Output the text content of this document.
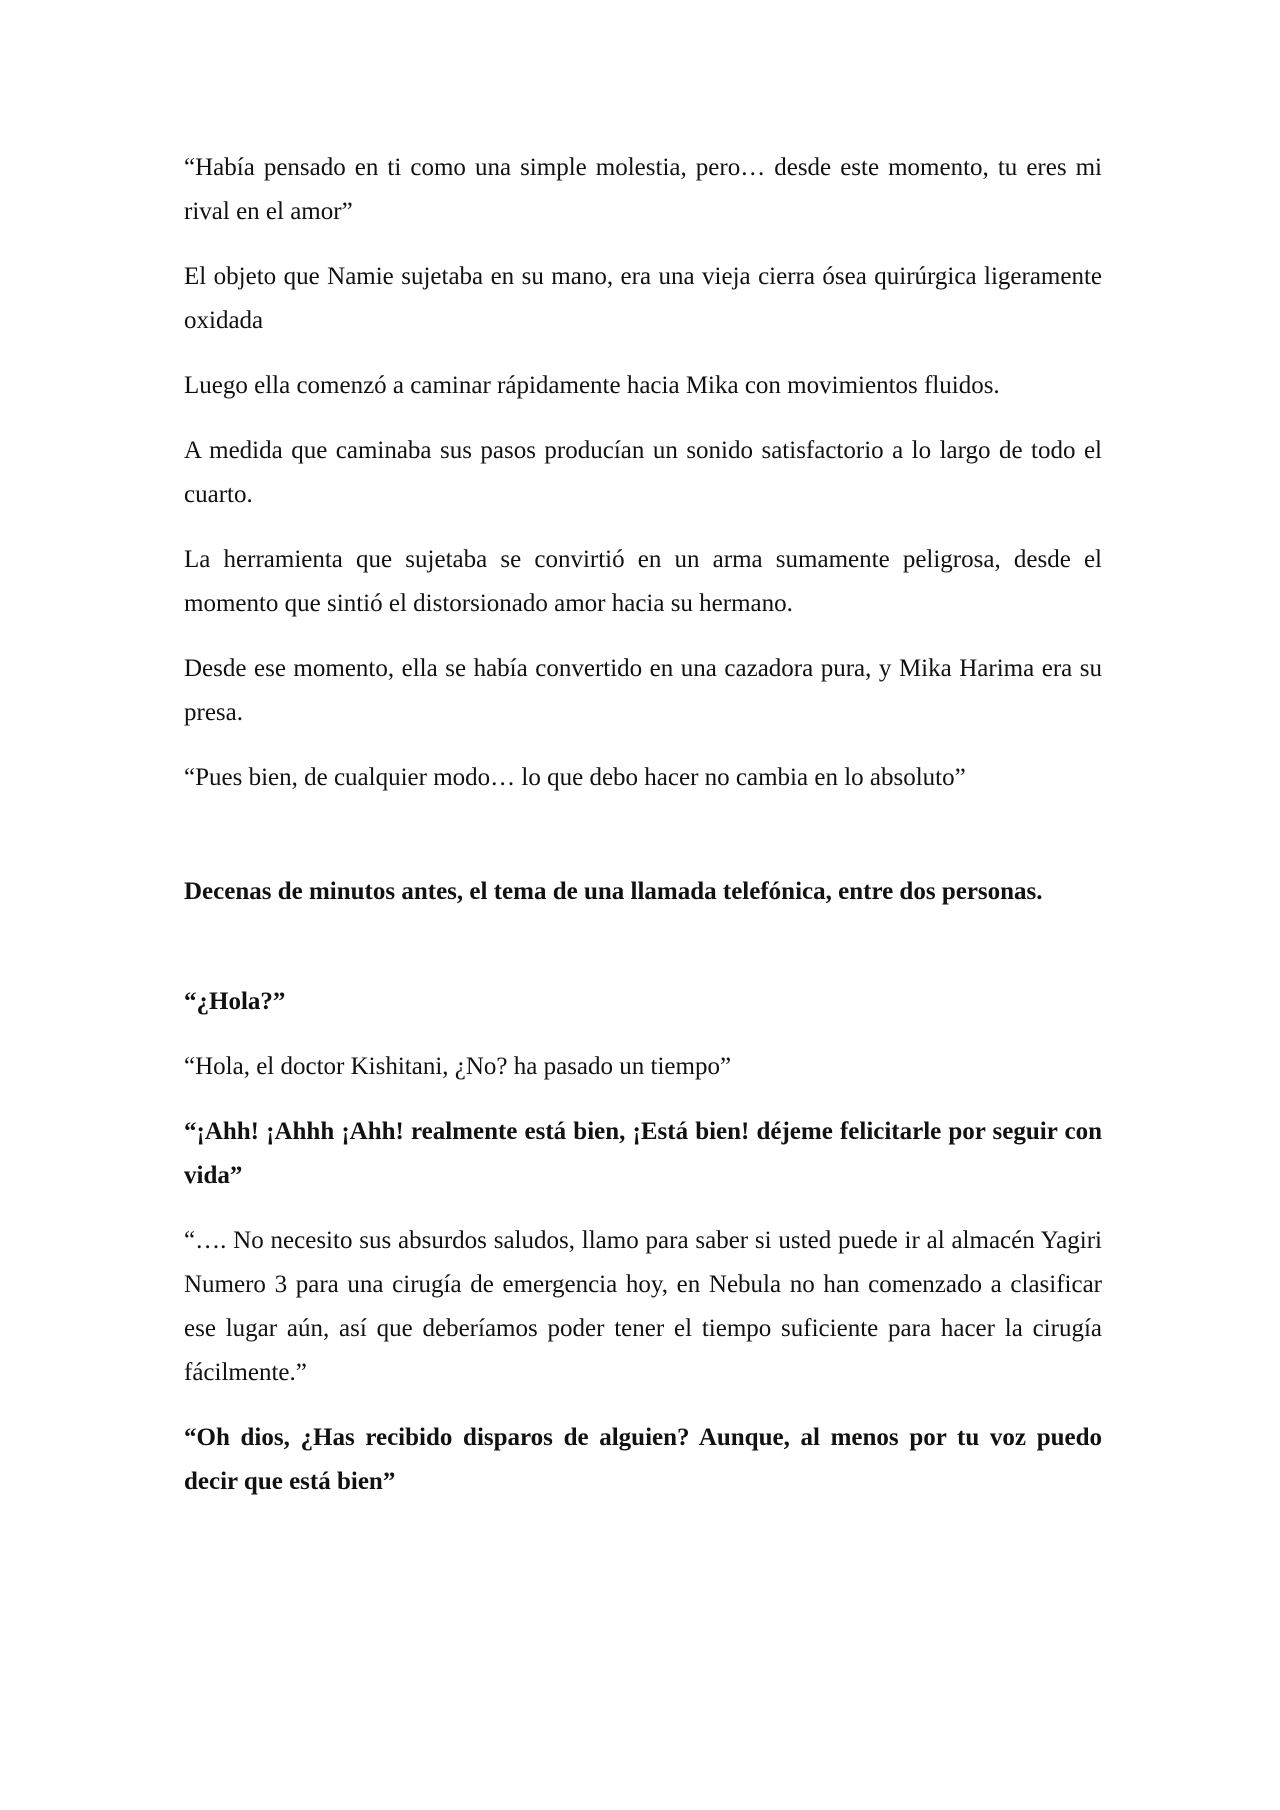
“Había pensado en ti como una simple molestia, pero… desde este momento, tu eres mi rival en el amor”

El objeto que Namie sujetaba en su mano, era una vieja cierra ósea quirúrgica ligeramente oxidada

Luego ella comenzó a caminar rápidamente hacia Mika con movimientos fluidos.

A medida que caminaba sus pasos producían un sonido satisfactorio a lo largo de todo el cuarto.

La herramienta que sujetaba se convirtió en un arma sumamente peligrosa, desde el momento que sintió el distorsionado amor hacia su hermano.

Desde ese momento, ella se había convertido en una cazadora pura, y Mika Harima era su presa.

“Pues bien, de cualquier modo… lo que debo hacer no cambia en lo absoluto”

Decenas de minutos antes, el tema de una llamada telefónica, entre dos personas.

“¿Hola?”

“Hola, el doctor Kishitani, ¿No? ha pasado un tiempo”

“¡Ahh! ¡Ahhh ¡Ahh! realmente está bien, ¡Está bien! déjeme felicitarle por seguir con vida”

“…. No necesito sus absurdos saludos, llamo para saber si usted puede ir al almacén Yagiri Numero 3 para una cirugía de emergencia hoy, en Nebula no han comenzado a clasificar ese lugar aún, así que deberíamos poder tener el tiempo suficiente para hacer la cirugía fácilmente.”

“Oh dios, ¿Has recibido disparos de alguien? Aunque, al menos por tu voz puedo decir que está bien”
